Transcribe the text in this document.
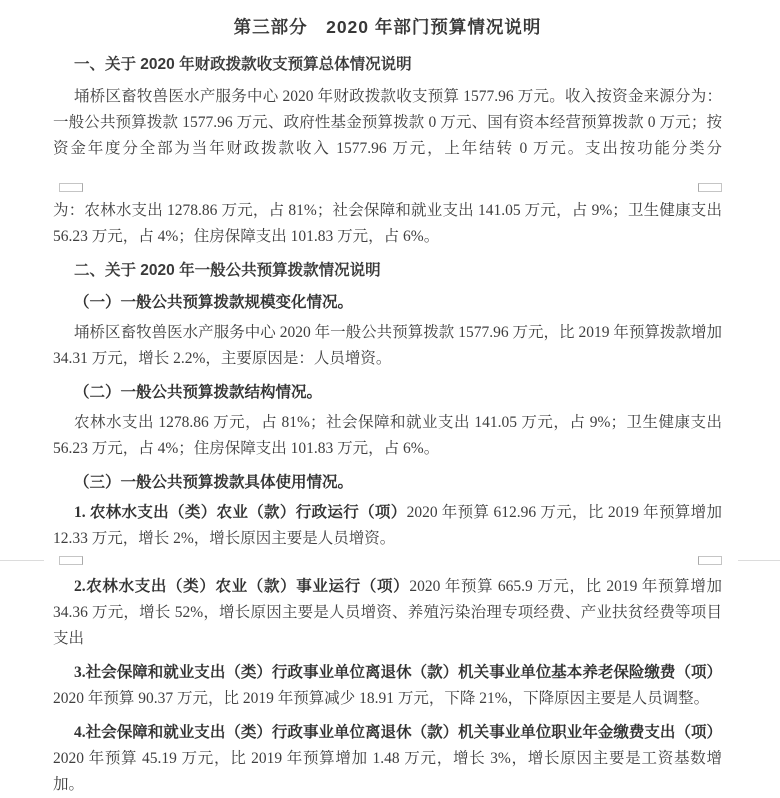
第三部分　2020 年部门预算情况说明

一、关于 2020 年财政拨款收支预算总体情况说明

埇桥区畜牧兽医水产服务中心 2020 年财政拨款收支预算 1577.96 万元。收入按资金来源分为：一般公共预算拨款 1577.96 万元、政府性基金预算拨款 0 万元、国有资本经营预算拨款 0 万元；按资金年度分全部为当年财政拨款收入 1577.96 万元，上年结转 0 万元。支出按功能分类分

为：农林水支出 1278.86 万元，占 81%；社会保障和就业支出 141.05 万元，占 9%；卫生健康支出 56.23 万元，占 4%；住房保障支出 101.83 万元，占 6%。

二、关于 2020 年一般公共预算拨款情况说明

（一）一般公共预算拨款规模变化情况。

埇桥区畜牧兽医水产服务中心 2020 年一般公共预算拨款 1577.96 万元，比 2019 年预算拨款增加 34.31 万元，增长 2.2%，主要原因是：人员增资。

（二）一般公共预算拨款结构情况。

农林水支出 1278.86 万元，占 81%；社会保障和就业支出 141.05 万元，占 9%；卫生健康支出 56.23 万元，占 4%；住房保障支出 101.83 万元，占 6%。

（三）一般公共预算拨款具体使用情况。

1. 农林水支出（类）农业（款）行政运行（项）2020 年预算 612.96 万元，比 2019 年预算增加 12.33 万元，增长 2%，增长原因主要是人员增资。

2.农林水支出（类）农业（款）事业运行（项）2020 年预算 665.9 万元，比 2019 年预算增加 34.36 万元，增长 52%，增长原因主要是人员增资、养殖污染治理专项经费、产业扶贫经费等项目支出

3.社会保障和就业支出（类）行政事业单位离退休（款）机关事业单位基本养老保险缴费（项）2020 年预算 90.37 万元，比 2019 年预算减少 18.91 万元，下降 21%，下降原因主要是人员调整。

4.社会保障和就业支出（类）行政事业单位离退休（款）机关事业单位职业年金缴费支出（项）2020 年预算 45.19 万元，比 2019 年预算增加 1.48 万元，增长 3%，增长原因主要是工资基数增加。
